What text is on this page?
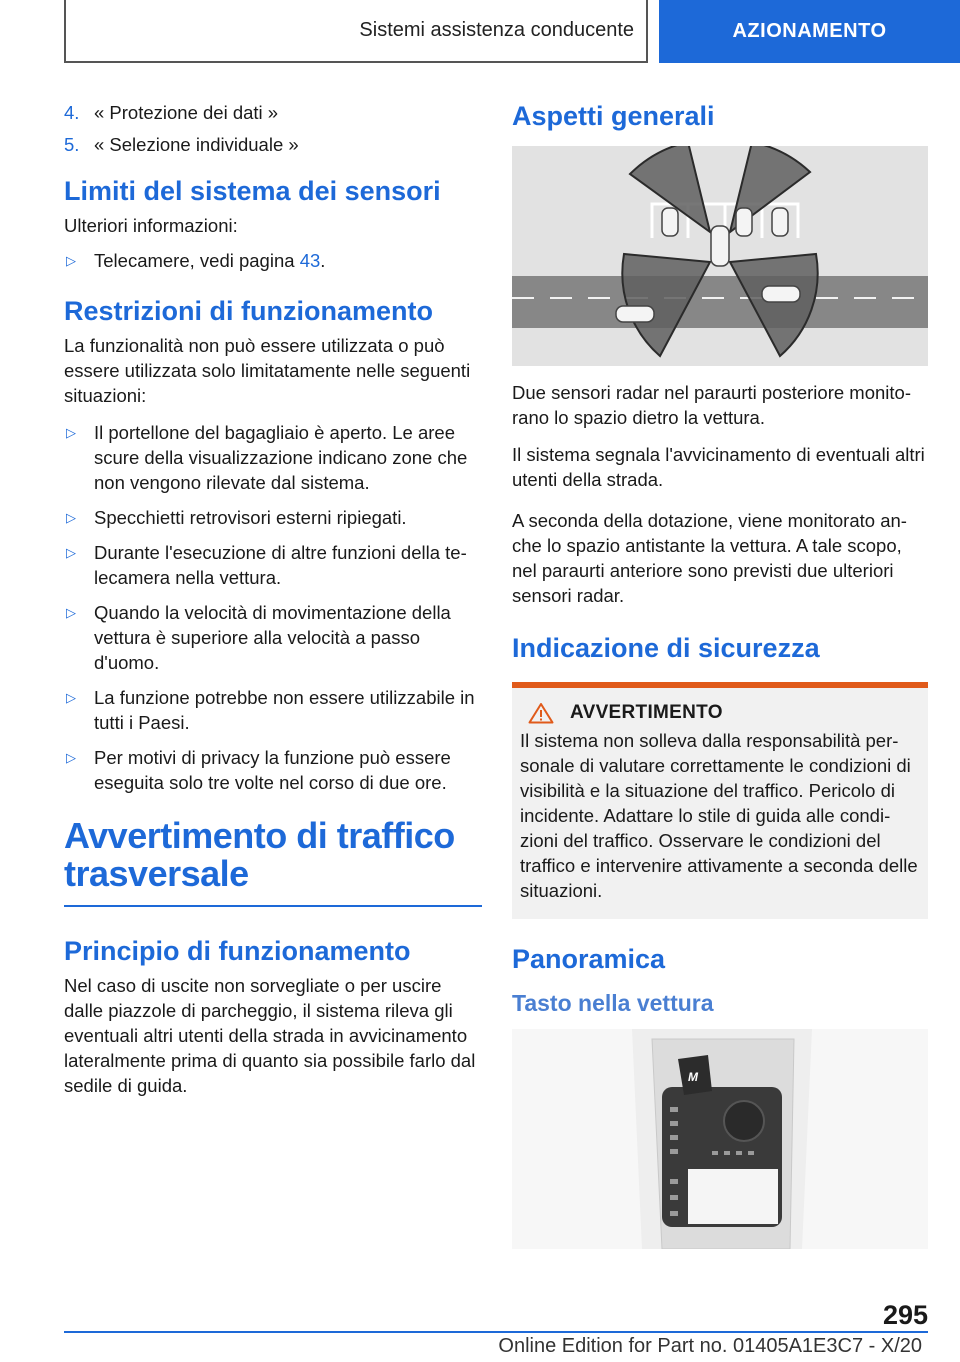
Sistemi assistenza conducente	AZIONAMENTO
4. « Protezione dei dati »
5. « Selezione individuale »
Limiti del sistema dei sensori

Ulteriori informazioni:

▷ Telecamere, vedi pagina 43.
Restrizioni di funzionamento

La funzionalità non può essere utilizzata o può essere utilizzata solo limitatamente nelle seguenti situazioni:

▷ Il portellone del bagagliaio è aperto. Le aree scure della visualizzazione indicano zone che non vengono rilevate dal sistema.
▷ Specchietti retrovisori esterni ripiegati.
▷ Durante l'esecuzione di altre funzioni della telecamera nella vettura.
▷ Quando la velocità di movimentazione della vettura è superiore alla velocità a passo d'uomo.
▷ La funzione potrebbe non essere utilizzabile in tutti i Paesi.
▷ Per motivi di privacy la funzione può essere eseguita solo tre volte nel corso di due ore.
Avvertimento di traffico trasversale
Principio di funzionamento

Nel caso di uscite non sorvegliate o per uscire dalle piazzole di parcheggio, il sistema rileva gli eventuali altri utenti della strada in avvicinamento lateralmente prima di quanto sia possibile farlo dal sedile di guida.

Aspetti generali

Due sensori radar nel paraurti posteriore monitorano lo spazio dietro la vettura.

Il sistema segnala l'avvicinamento di eventuali altri utenti della strada.

A seconda della dotazione, viene monitorato anche lo spazio antistante la vettura. A tale scopo, nel paraurti anteriore sono previsti due ulteriori sensori radar.

Indicazione di sicurezza
AVVERTIMENTO

Il sistema non solleva dalla responsabilità personale di valutare correttamente le condizioni di visibilità e la situazione del traffico. Pericolo di incidente. Adattare lo stile di guida alle condizioni del traffico. Osservare le condizioni del traffico e intervenire attivamente a seconda delle situazioni.

Panoramica
Tasto nella vettura
M
295
Online Edition for Part no. 01405A1E3C7 - X/20
